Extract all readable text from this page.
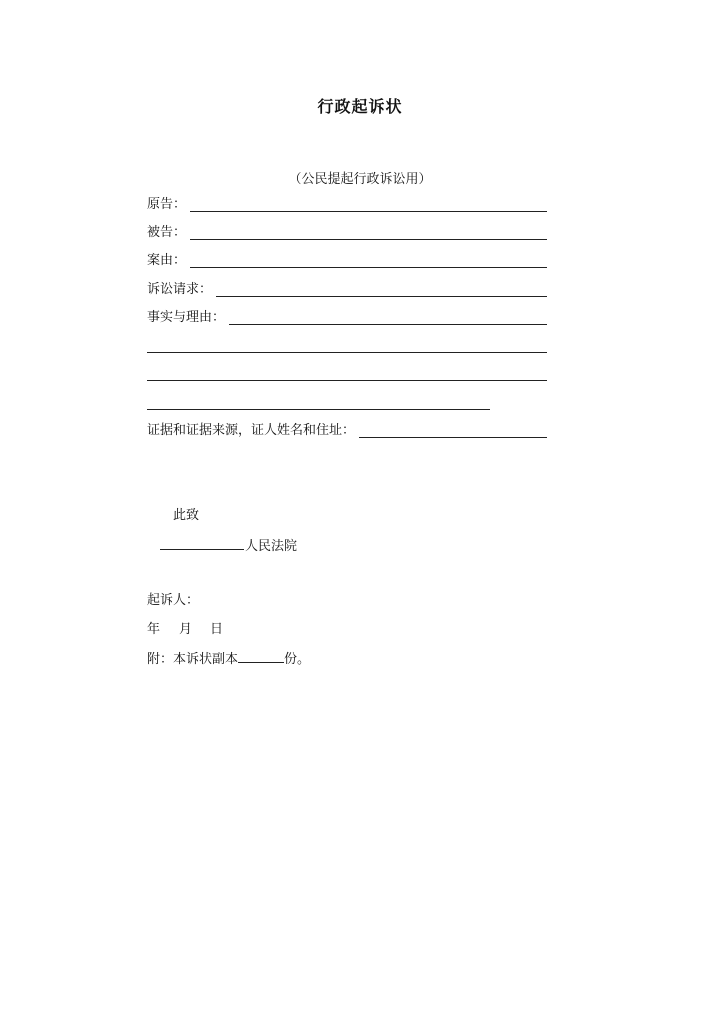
行政起诉状
（公民提起行政诉讼用）
原告：
被告：
案由：
诉讼请求：
事实与理由：
证据和证据来源，证人姓名和住址：
此致
人民法院
起诉人：
年 月 日
附：本诉状副本	份。
